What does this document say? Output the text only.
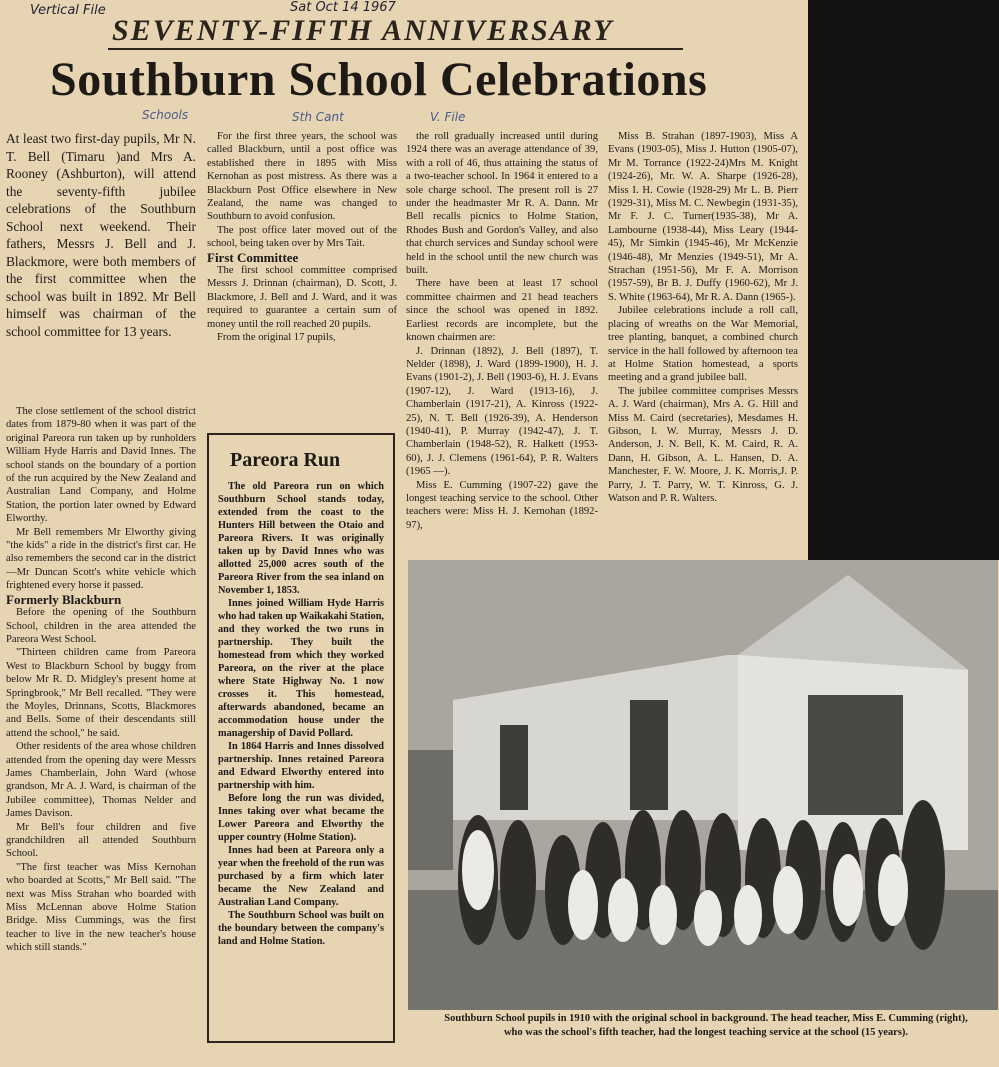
Vertical File	Sat Oct 14 1967
Schools	Sth Cant	V. File
SEVENTY-FIFTH ANNIVERSARY
Southburn School Celebrations

At least two first-day pupils, Mr N. T. Bell (Timaru )and Mrs A. Rooney (Ashburton), will attend the seventy-fifth jubilee celebrations of the Southburn School next weekend. Their fathers, Messrs J. Bell and J. Blackmore, were both members of the first committee when the school was built in 1892. Mr Bell himself was chairman of the school committee for 13 years.

The close settlement of the school district dates from 1879-80 when it was part of the original Pareora run taken up by runholders William Hyde Harris and David Innes. The school stands on the boundary of a portion of the run acquired by the New Zealand and Australian Land Company, and Holme Station, the portion later owned by Edward Elworthy.

Mr Bell remembers Mr Elworthy giving "the kids" a ride in the district's first car. He also remembers the second car in the district—Mr Duncan Scott's white vehicle which frightened every horse it passed.

Formerly Blackburn

Before the opening of the Southburn School, children in the area attended the Pareora West School.

"Thirteen children came from Pareora West to Blackburn School by buggy from below Mr R. D. Midgley's present home at Springbrook," Mr Bell recalled. "They were the Moyles, Drinnans, Scotts, Blackmores and Bells. Some of their descendants still attend the school," he said.

Other residents of the area whose children attended from the opening day were Messrs James Chamberlain, John Ward (whose grandson, Mr A. J. Ward, is chairman of the Jubilee committee), Thomas Nelder and James Davison.

Mr Bell's four children and five grandchildren all attended Southburn School.

"The first teacher was Miss Kernohan who boarded at Scotts," Mr Bell said. "The next was Miss Strahan who boarded with Miss McLennan above Holme Station Bridge. Miss Cummings, was the first teacher to live in the new teacher's house which still stands."

For the first three years, the school was called Blackburn, until a post office was established there in 1895 with Miss Kernohan as post mistress. As there was a Blackburn Post Office elsewhere in New Zealand, the name was changed to Southburn to avoid confusion.

The post office later moved out of the school, being taken over by Mrs Tait.

First Committee

The first school committee comprised Messrs J. Drinnan (chairman), D. Scott, J. Blackmore, J. Bell and J. Ward, and it was required to guarantee a certain sum of money until the roll reached 20 pupils.

From the original 17 pupils,

Pareora Run

The old Pareora run on which Southburn School stands today, extended from the coast to the Hunters Hill between the Otaio and Pareora Rivers. It was originally taken up by David Innes who was allotted 25,000 acres south of the Pareora River from the sea inland on November 1, 1853.

Innes joined William Hyde Harris who had taken up Waikakahi Station, and they worked the two runs in partnership. They built the homestead from which they worked Pareora, on the river at the place where State Highway No. 1 now crosses it. This homestead, afterwards abandoned, became an accommodation house under the managership of David Pollard.

In 1864 Harris and Innes dissolved partnership. Innes retained Pareora and Edward Elworthy entered into partnership with him.

Before long the run was divided, Innes taking over what became the Lower Pareora and Elworthy the upper country (Holme Station).

Innes had been at Pareora only a year when the freehold of the run was purchased by a firm which later became the New Zealand and Australian Land Company.

The Southburn School was built on the boundary between the company's land and Holme Station.

the roll gradually increased until during 1924 there was an average attendance of 39, with a roll of 46, thus attaining the status of a two-teacher school. In 1964 it entered to a sole charge school. The present roll is 27 under the headmaster Mr R. A. Dann. Mr Bell recalls picnics to Holme Station, Rhodes Bush and Gordon's Valley, and also that church services and Sunday school were held in the school until the new church was built.

There have been at least 17 school committee chairmen and 21 head teachers since the school was opened in 1892. Earliest records are incomplete, but the known chairmen are:

J. Drinnan (1892), J. Bell (1897), T. Nelder (1898), J. Ward (1899-1900), H. J. Evans (1901-2), J. Bell (1903-6), H. J. Evans (1907-12), J. Ward (1913-16), J. Chamberlain (1917-21), A. Kinross (1922-25), N. T. Bell (1926-39), A. Henderson (1940-41), P. Murray (1942-47), J. T. Chamberlain (1948-52), R. Halkett (1953-60), J. J. Clemens (1961-64), P. R. Walters (1965 —).

Miss E. Cumming (1907-22) gave the longest teaching service to the school. Other teachers were: Miss H. J. Kernohan (1892-97),

Miss B. Strahan (1897-1903), Miss A Evans (1903-05), Miss J. Hutton (1905-07), Mr M. Torrance (1922-24)Mrs M. Knight (1924-26), Mr. W. A. Sharpe (1926-28), Miss I. H. Cowie (1928-29) Mr L. B. Pierr (1929-31), Miss M. C. Newbegin (1931-35), Mr F. J. C. Turner(1935-38), Mr A. Lambourne (1938-44), Miss Leary (1944-45), Mr Simkin (1945-46), Mr McKenzie (1946-48), Mr Menzies (1949-51), Mr A. Strachan (1951-56), Mr F. A. Morrison (1957-59), Br B. J. Duffy (1960-62), Mr J. S. White (1963-64), Mr R. A. Dann (1965-).

Jubilee celebrations include a roll call, placing of wreaths on the War Memorial, tree planting, banquet, a combined church service in the hall followed by afternoon tea at Holme Station homestead, a sports meeting and a grand jubilee ball.

The jubilee committee comprises Messrs A. J. Ward (chairman), Mrs A. G. Hill and Miss M. Caird (secretaries), Mesdames H. Gibson, I. W. Murray, Messrs J. D. Anderson, J. N. Bell, K. M. Caird, R. A. Dann, H. Gibson, A. L. Hansen, D. A. Manchester, F. W. Moore, J. K. Morris,J. P. Parry, J. T. Parry, W. T. Kinross, G. J. Watson and P. R. Walters.

Southburn School pupils in 1910 with the original school in background. The head teacher, Miss E. Cumming (right), who was the school's fifth teacher, had the longest teaching service at the school (15 years).
